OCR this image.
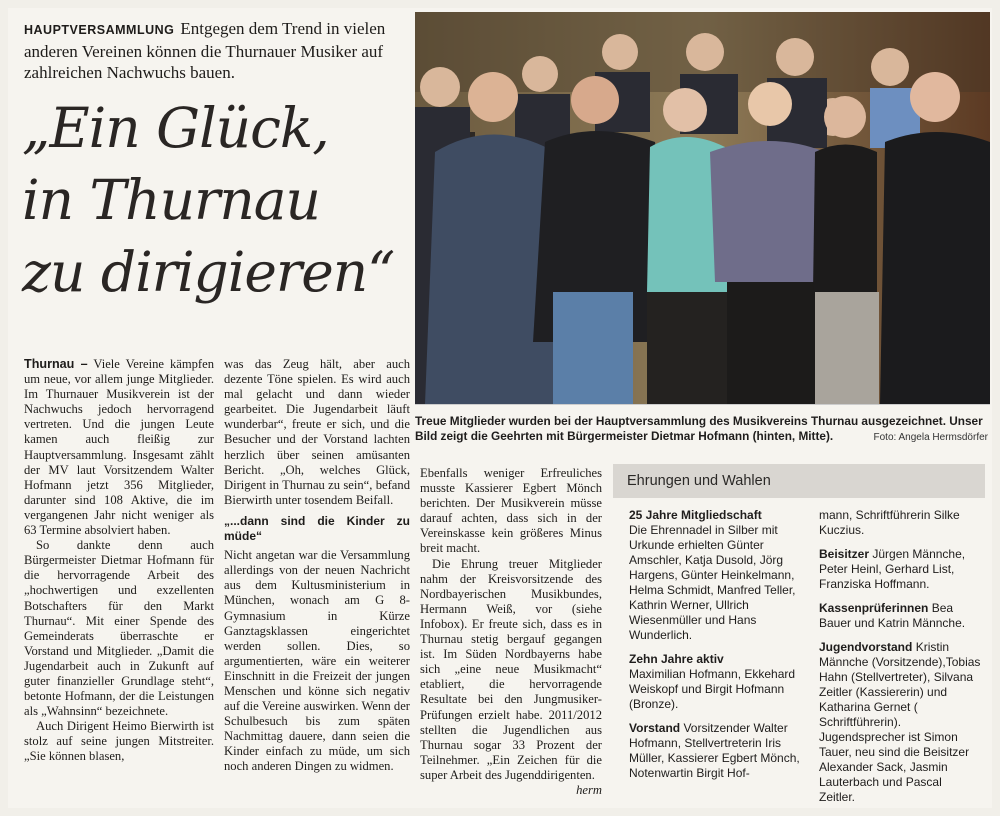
HAUPTVERSAMMLUNG Entgegen dem Trend in vielen anderen Vereinen können die Thurnauer Musiker auf zahlreichen Nachwuchs bauen.
„Ein Glück,
in Thurnau
zu dirigieren“
Treue Mitglieder wurden bei der Hauptversammlung des Musikvereins Thurnau ausgezeichnet. Unser Bild zeigt die Geehrten mit Bürgermeister Dietmar Hofmann (hinten, Mitte).	Foto: Angela Hermsdörfer

Thurnau – Viele Vereine kämpfen um neue, vor allem junge Mitglieder. Im Thurnauer Musikverein ist der Nachwuchs jedoch hervorragend vertreten. Und die jungen Leute kamen auch fleißig zur Hauptversammlung. Insgesamt zählt der MV laut Vorsitzendem Walter Hofmann jetzt 356 Mitglieder, darunter sind 108 Aktive, die im vergangenen Jahr nicht weniger als 63 Termine absolviert haben.

So dankte denn auch Bürgermeister Dietmar Hofmann für die hervorragende Arbeit des „hochwertigen und exzellenten Botschafters für den Markt Thurnau“. Mit einer Spende des Gemeinderats überraschte er Vorstand und Mitglieder. „Damit die Jugendarbeit auch in Zukunft auf guter finanzieller Grundlage steht“, betonte Hofmann, der die Leistungen als „Wahnsinn“ bezeichnete.

Auch Dirigent Heimo Bierwirth ist stolz auf seine jungen Mitstreiter. „Sie können blasen,

was das Zeug hält, aber auch dezente Töne spielen. Es wird auch mal gelacht und dann wieder gearbeitet. Die Jugendarbeit läuft wunderbar“, freute er sich, und die Besucher und der Vorstand lachten herzlich über seinen amüsanten Bericht. „Oh, welches Glück, Dirigent in Thurnau zu sein“, befand Bierwirth unter tosendem Beifall.

„...dann sind die Kinder zu müde“

Nicht angetan war die Versammlung allerdings von der neuen Nachricht aus dem Kultusministerium in München, wonach am G 8-Gymnasium in Kürze Ganztagsklassen eingerichtet werden sollen. Dies, so argumentierten, wäre ein weiterer Einschnitt in die Freizeit der jungen Menschen und könne sich negativ auf die Vereine auswirken. Wenn der Schulbesuch bis zum späten Nachmittag dauere, dann seien die Kinder einfach zu müde, um sich noch anderen Dingen zu widmen.

Ebenfalls weniger Erfreuliches musste Kassierer Egbert Mönch berichten. Der Musikverein müsse darauf achten, dass sich in der Vereinskasse kein größeres Minus breit macht.

Die Ehrung treuer Mitglieder nahm der Kreisvorsitzende des Nordbayerischen Musikbundes, Hermann Weiß, vor (siehe Infobox). Er freute sich, dass es in Thurnau stetig bergauf gegangen ist. Im Süden Nordbayerns habe sich „eine neue Musikmacht“ etabliert, die hervorragende Resultate bei den Jungmusiker-Prüfungen erzielt habe. 2011/2012 stellten die Jugendlichen aus Thurnau sogar 33 Prozent der Teilnehmer. „Ein Zeichen für die super Arbeit des Jugenddirigenten.
herm

Ehrungen und Wahlen
25 Jahre Mitgliedschaft
Die Ehrennadel in Silber mit Urkunde erhielten Günter Amschler, Katja Dusold, Jörg Hargens, Günter Heinkelmann, Helma Schmidt, Manfred Teller, Kathrin Werner, Ullrich Wiesenmüller und Hans Wunderlich.
Zehn Jahre aktiv
Maximilian Hofmann, Ekkehard Weiskopf und Birgit Hofmann (Bronze).
Vorstand Vorsitzender Walter Hofmann, Stellvertreterin Iris Müller, Kassierer Egbert Mönch, Notenwartin Birgit Hof-
mann, Schriftführerin Silke Kuczius.
Beisitzer Jürgen Männche, Peter Heinl, Gerhard List, Franziska Hoffmann.
Kassenprüferinnen Bea Bauer und Katrin Männche.
Jugendvorstand Kristin Männche (Vorsitzende),Tobias Hahn (Stellvertreter), Silvana Zeitler (Kassiererin) und Katharina Gernet ( Schriftführerin). Jugendsprecher ist Simon Tauer, neu sind die Beisitzer Alexander Sack, Jasmin Lauterbach und Pascal Zeitler.
